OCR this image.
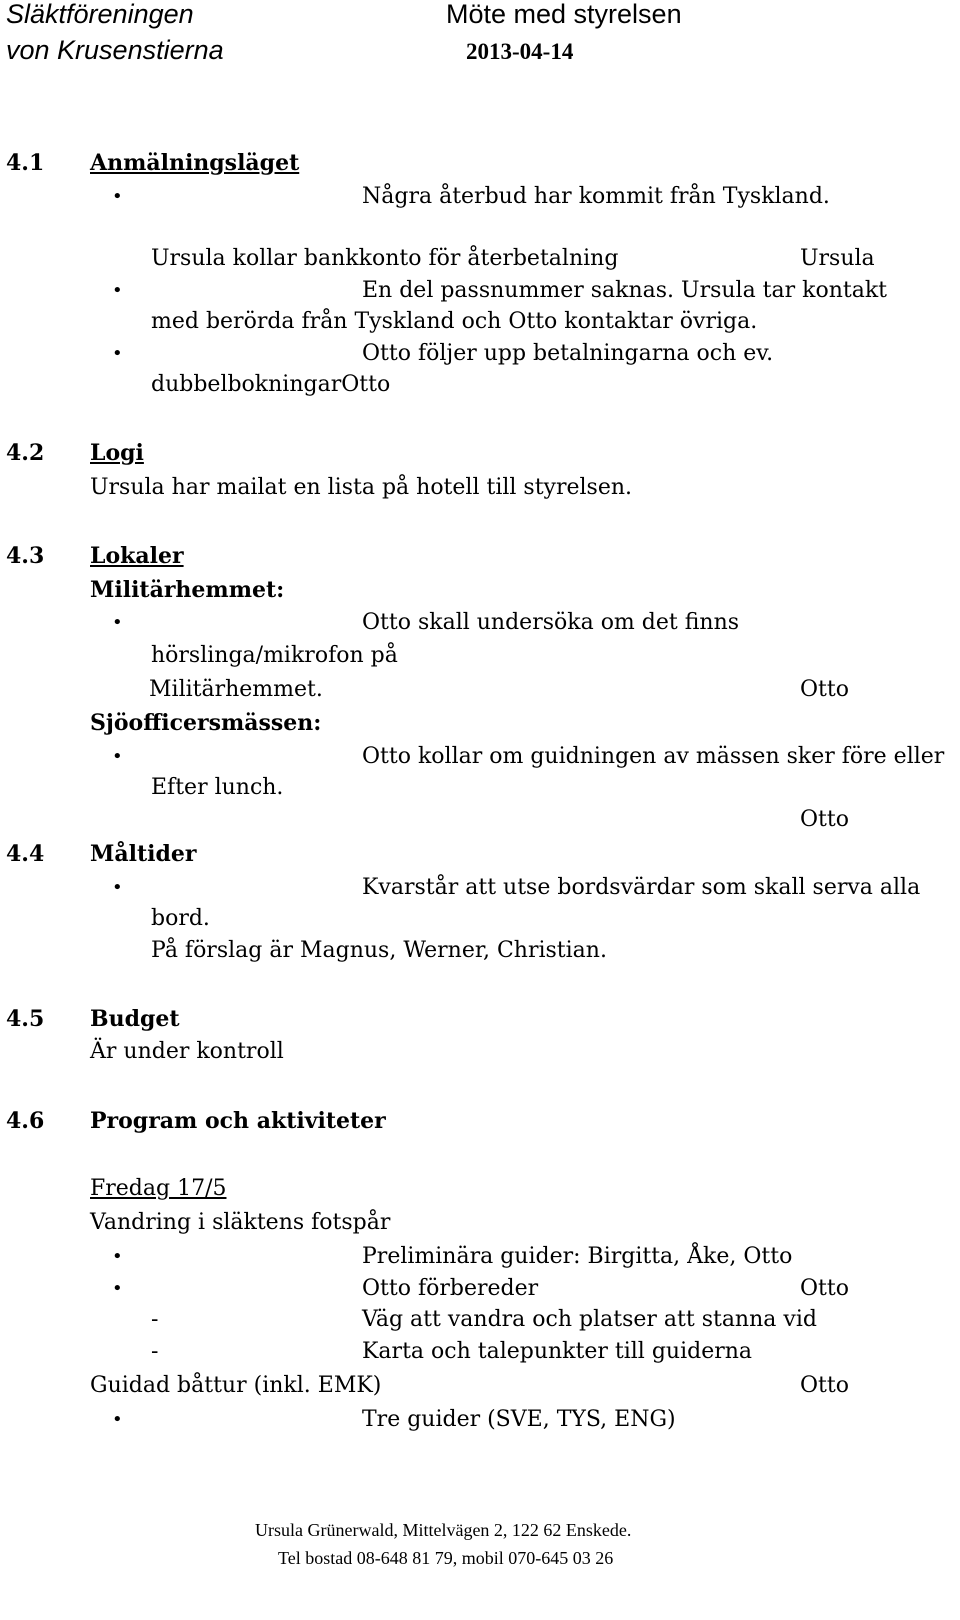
Släktföreningen
von Krusenstierna
Möte med styrelsen
2013-04-14
4.1 Anmälningsläget
•	Några återbud har kommit från Tyskland.
Ursula kollar bankkonto för återbetalning	Ursula
•	En del passnummer saknas. Ursula tar kontakt
med berörda från Tyskland och Otto kontaktar övriga.
•	Otto följer upp betalningarna och ev.
dubbelbokningarOtto
4.2 Logi
Ursula har mailat en lista på hotell till styrelsen.
4.3 Lokaler
Militärhemmet:
•	Otto skall undersöka om det finns
hörslinga/mikrofon på
Militärhemmet.	Otto
Sjöofficersmässen:
•	Otto kollar om guidningen av mässen sker före eller
Efter lunch.
Otto
4.4 Måltider
•	Kvarstår att utse bordsvärdar som skall serva alla
bord.
På förslag är Magnus, Werner, Christian.
4.5 Budget
Är under kontroll
4.6 Program och aktiviteter
Fredag 17/5
Vandring i släktens fotspår
•	Preliminära guider: Birgitta, Åke, Otto
•	Otto förbereder	Otto
-	Väg att vandra och platser att stanna vid
-	Karta och talepunkter till guiderna
Guidad båttur (inkl. EMK)	Otto
•	Tre guider (SVE, TYS, ENG)
Ursula Grünerwald, Mittelvägen 2, 122 62 Enskede.
Tel bostad 08-648 81 79, mobil 070-645 03 26
